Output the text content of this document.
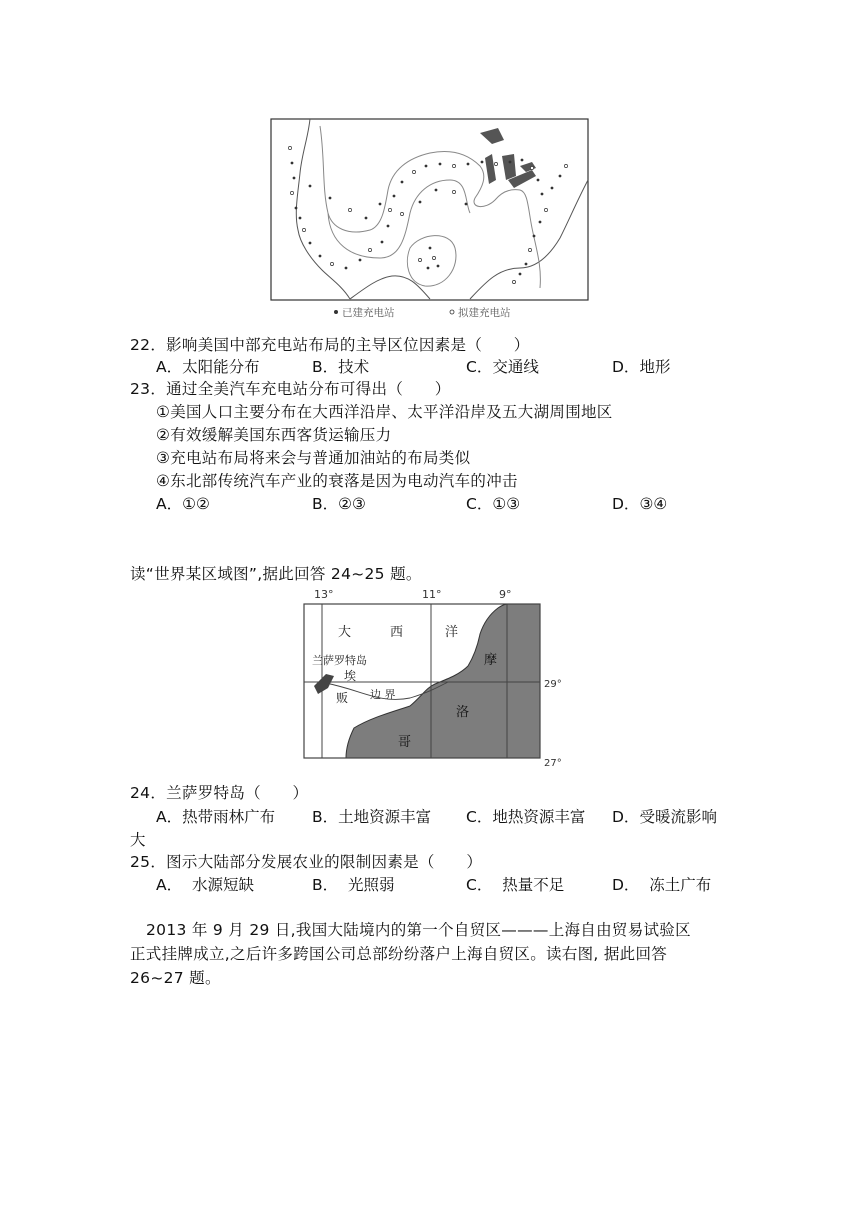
已建充电站	拟建充电站
22．影响美国中部充电站布局的主导区位因素是（　　）
A．太阳能分布	B．技术	C．交通线	D．地形
23．通过全美汽车充电站分布可得出（　　）
①美国人口主要分布在大西洋沿岸、太平洋沿岸及五大湖周围地区
②有效缓解美国东西客货运输压力
③充电站布局将来会与普通加油站的布局类似
④东北部传统汽车产业的衰落是因为电动汽车的冲击
A．①②	B．②③	C．①③	D．③④
读“世界某区域图”,据此回答 24~25 题。
13°	11°	9°
29°
27°
大	西	洋
兰萨罗特岛
埃
贩 边 界
摩
洛
哥
24．兰萨罗特岛（　　）
A．热带雨林广布 B．土地资源丰富 C．地热资源丰富 D．受暖流影响
大
25．图示大陆部分发展农业的限制因素是（　　）
A． 水源短缺	B． 光照弱	C． 热量不足	D． 冻土广布
2013 年 9 月 29 日,我国大陆境内的第一个自贸区———上海自由贸易试验区
正式挂牌成立,之后许多跨国公司总部纷纷落户上海自贸区。读右图, 据此回答
26~27 题。
